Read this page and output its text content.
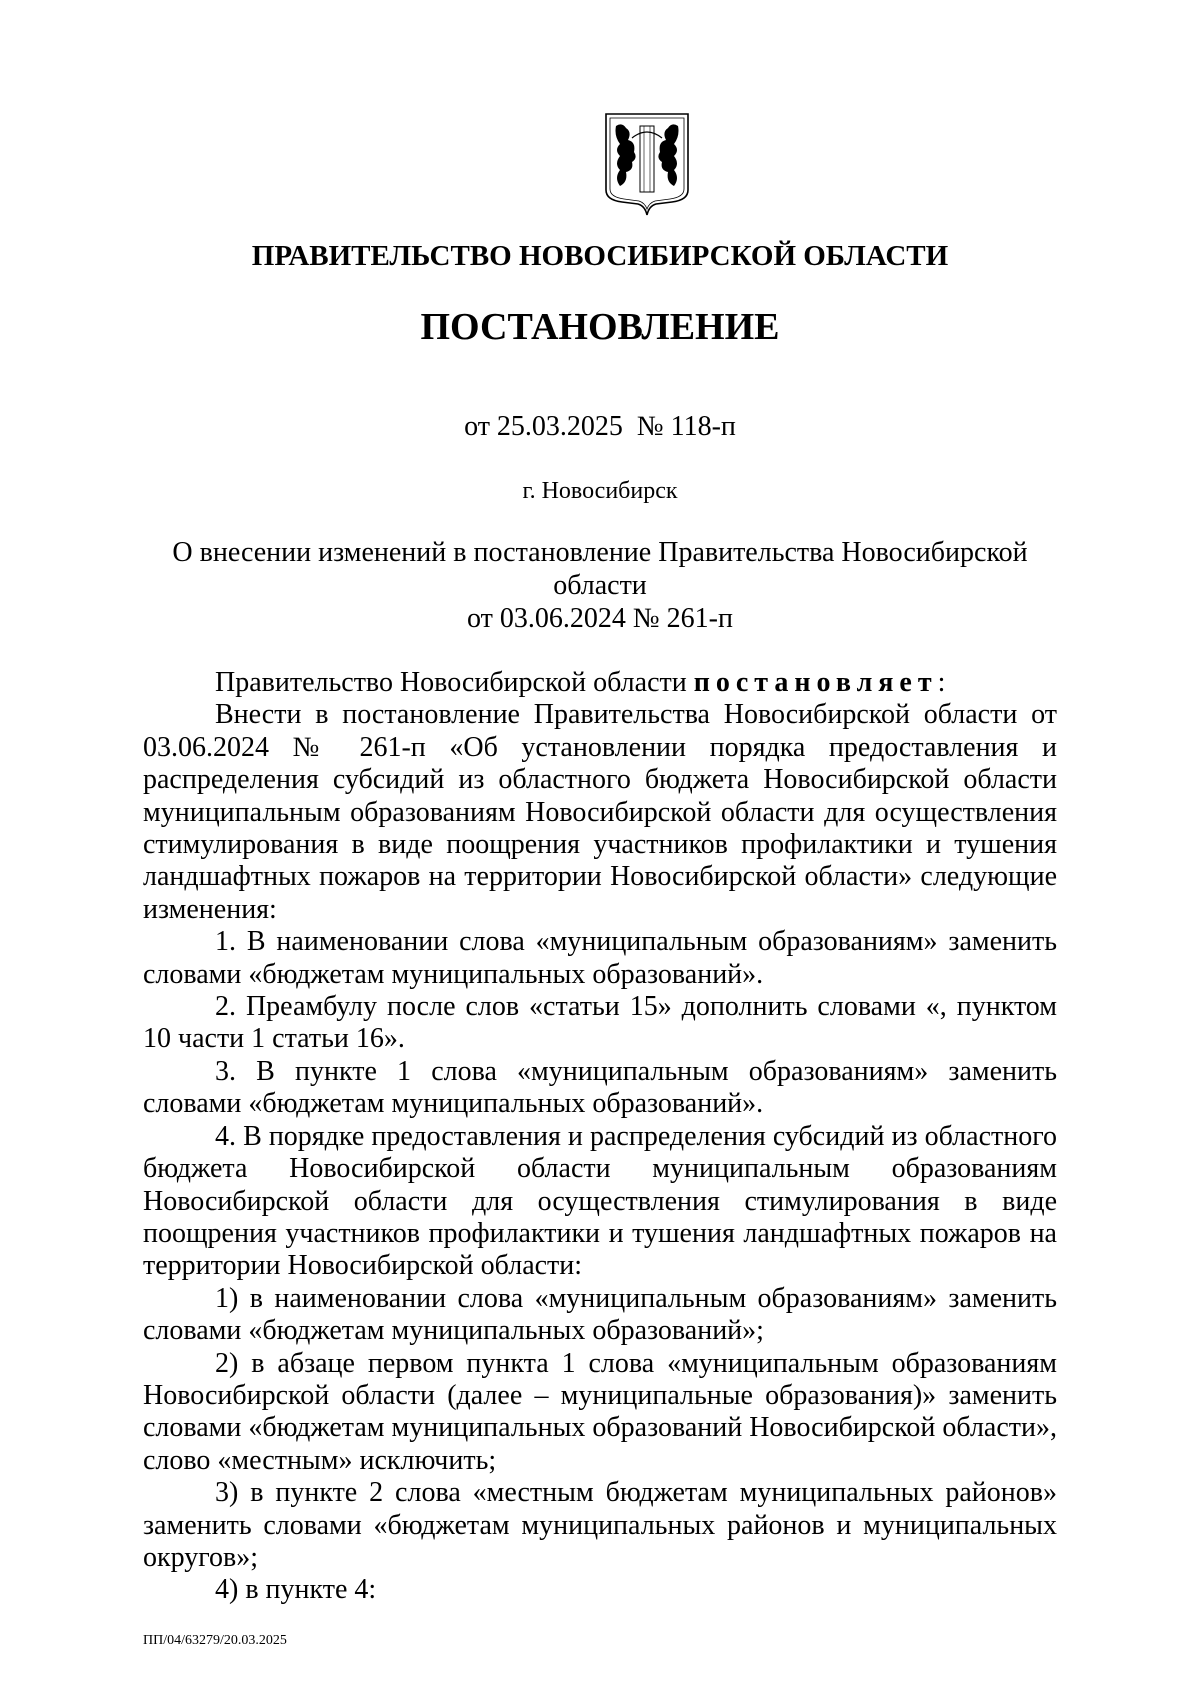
ПРАВИТЕЛЬСТВО НОВОСИБИРСКОЙ ОБЛАСТИ
ПОСТАНОВЛЕНИЕ
от 25.03.2025  № 118-п
г. Новосибирск
О внесении изменений в постановление Правительства Новосибирской области
от 03.06.2024 № 261-п

Правительство Новосибирской области постановляет:

Внести в постановление Правительства Новосибирской области от 03.06.2024 № 261-п «Об установлении порядка предоставления и распределения субсидий из областного бюджета Новосибирской области муниципальным образованиям Новосибирской области для осуществления стимулирования в виде поощрения участников профилактики и тушения ландшафтных пожаров на территории Новосибирской области» следующие изменения:

1. В наименовании слова «муниципальным образованиям» заменить словами «бюджетам муниципальных образований».

2. Преамбулу после слов «статьи 15» дополнить словами «, пунктом 10 части 1 статьи 16».

3. В пункте 1 слова «муниципальным образованиям» заменить словами «бюджетам муниципальных образований».

4. В порядке предоставления и распределения субсидий из областного бюджета Новосибирской области муниципальным образованиям Новосибирской области для осуществления стимулирования в виде поощрения участников профилактики и тушения ландшафтных пожаров на территории Новосибирской области:

1) в наименовании слова «муниципальным образованиям» заменить словами «бюджетам муниципальных образований»;

2) в абзаце первом пункта 1 слова «муниципальным образованиям Новосибирской области (далее – муниципальные образования)» заменить словами «бюджетам муниципальных образований Новосибирской области», слово «местным» исключить;

3) в пункте 2 слова «местным бюджетам муниципальных районов» заменить словами «бюджетам муниципальных районов и муниципальных округов»;

4) в пункте 4:

ПП/04/63279/20.03.2025
